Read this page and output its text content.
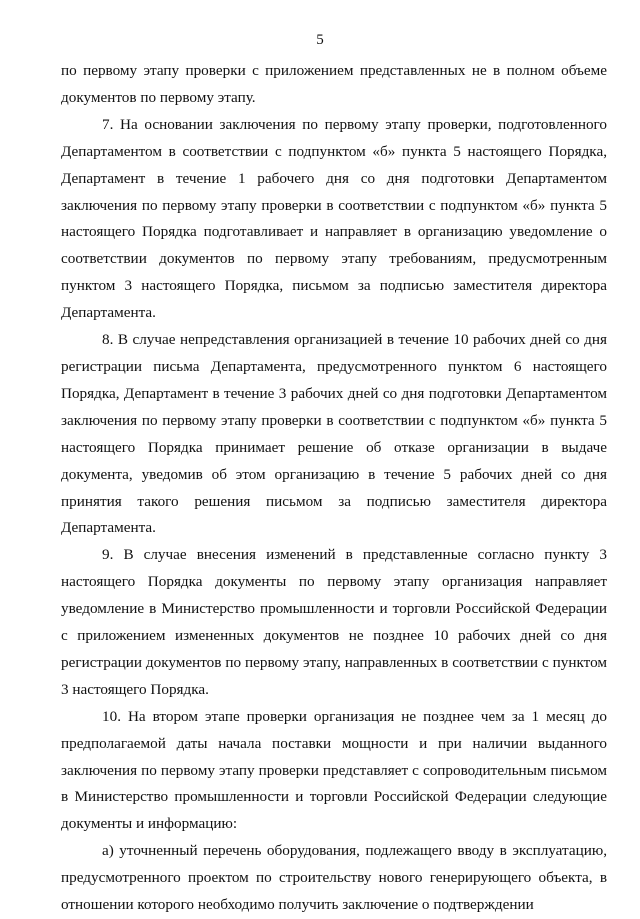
5

по первому этапу проверки с приложением представленных не в полном объеме документов по первому этапу.

7. На основании заключения по первому этапу проверки, подготовленного Департаментом в соответствии с подпунктом «б» пункта 5 настоящего Порядка, Департамент в течение 1 рабочего дня со дня подготовки Департаментом заключения по первому этапу проверки в соответствии с подпунктом «б» пункта 5 настоящего Порядка подготавливает и направляет в организацию уведомление о соответствии документов по первому этапу требованиям, предусмотренным пунктом 3 настоящего Порядка, письмом за подписью заместителя директора Департамента.

8. В случае непредставления организацией в течение 10 рабочих дней со дня регистрации письма Департамента, предусмотренного пунктом 6 настоящего Порядка, Департамент в течение 3 рабочих дней со дня подготовки Департаментом заключения по первому этапу проверки в соответствии с подпунктом «б» пункта 5 настоящего Порядка принимает решение об отказе организации в выдаче документа, уведомив об этом организацию в течение 5 рабочих дней со дня принятия такого решения письмом за подписью заместителя директора Департамента.

9. В случае внесения изменений в представленные согласно пункту 3 настоящего Порядка документы по первому этапу организация направляет уведомление в Министерство промышленности и торговли Российской Федерации с приложением измененных документов не позднее 10 рабочих дней со дня регистрации документов по первому этапу, направленных в соответствии с пунктом 3 настоящего Порядка.

10. На втором этапе проверки организация не позднее чем за 1 месяц до предполагаемой даты начала поставки мощности и при наличии выданного заключения по первому этапу проверки представляет с сопроводительным письмом в Министерство промышленности и торговли Российской Федерации следующие документы и информацию:

а) уточненный перечень оборудования, подлежащего вводу в эксплуатацию, предусмотренного проектом по строительству нового генерирующего объекта, в отношении которого необходимо получить заключение о подтверждении
